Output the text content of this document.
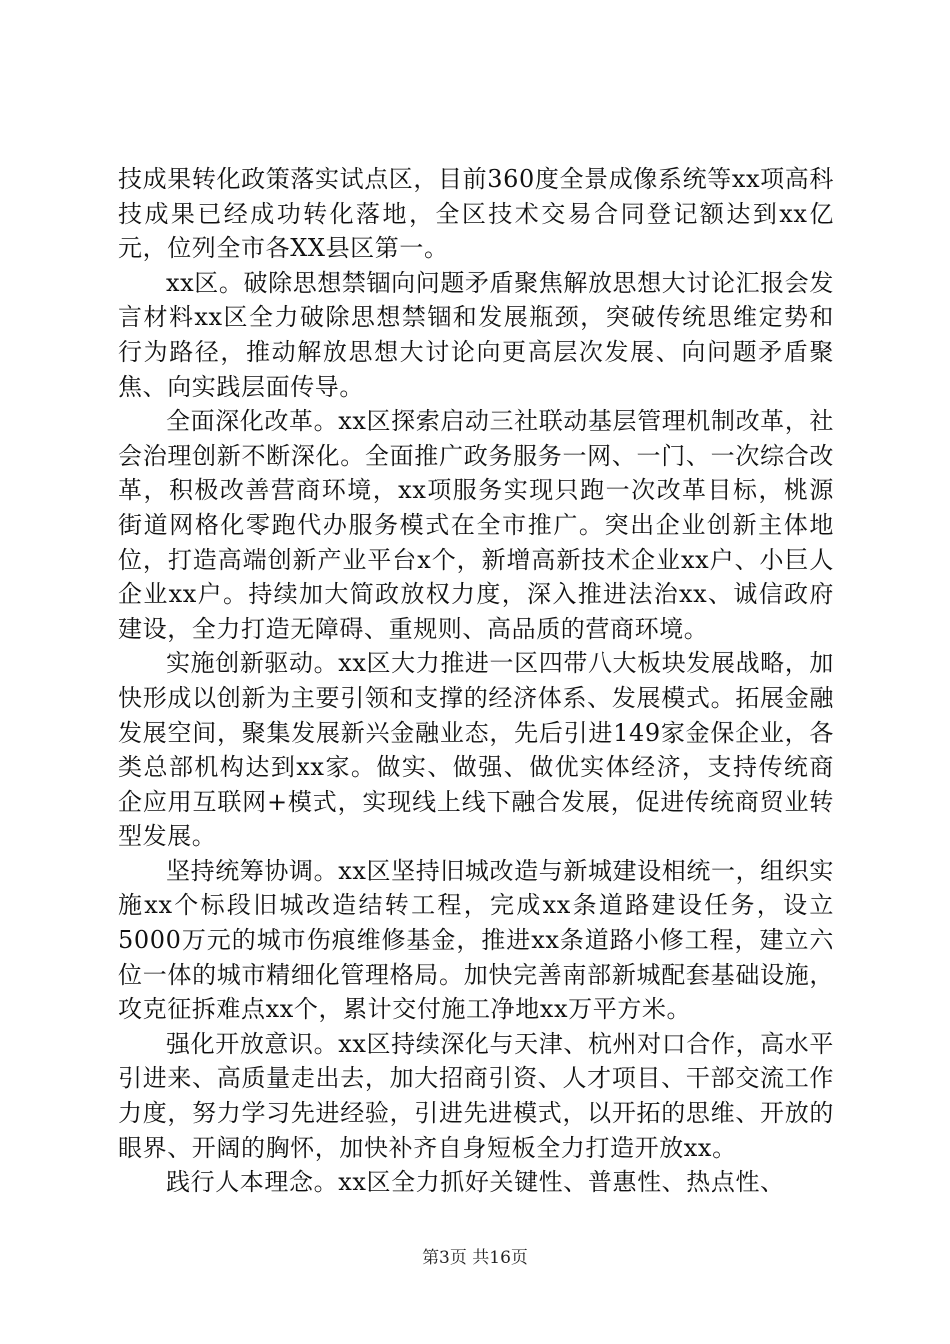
技成果转化政策落实试点区，目前360度全景成像系统等xx项高科技成果已经成功转化落地，全区技术交易合同登记额达到xx亿元，位列全市各XX县区第一。

xx区。破除思想禁锢向问题矛盾聚焦解放思想大讨论汇报会发言材料xx区全力破除思想禁锢和发展瓶颈，突破传统思维定势和行为路径，推动解放思想大讨论向更高层次发展、向问题矛盾聚焦、向实践层面传导。

全面深化改革。xx区探索启动三社联动基层管理机制改革，社会治理创新不断深化。全面推广政务服务一网、一门、一次综合改革，积极改善营商环境，xx项服务实现只跑一次改革目标，桃源街道网格化零跑代办服务模式在全市推广。突出企业创新主体地位，打造高端创新产业平台x个，新增高新技术企业xx户、小巨人企业xx户。持续加大简政放权力度，深入推进法治xx、诚信政府建设，全力打造无障碍、重规则、高品质的营商环境。

实施创新驱动。xx区大力推进一区四带八大板块发展战略，加快形成以创新为主要引领和支撑的经济体系、发展模式。拓展金融发展空间，聚集发展新兴金融业态，先后引进149家金保企业，各类总部机构达到xx家。做实、做强、做优实体经济，支持传统商企应用互联网+模式，实现线上线下融合发展，促进传统商贸业转型发展。

坚持统筹协调。xx区坚持旧城改造与新城建设相统一，组织实施xx个标段旧城改造结转工程，完成xx条道路建设任务，设立5000万元的城市伤痕维修基金，推进xx条道路小修工程，建立六位一体的城市精细化管理格局。加快完善南部新城配套基础设施，攻克征拆难点xx个，累计交付施工净地xx万平方米。

强化开放意识。xx区持续深化与天津、杭州对口合作，高水平引进来、高质量走出去，加大招商引资、人才项目、干部交流工作力度，努力学习先进经验，引进先进模式，以开拓的思维、开放的眼界、开阔的胸怀，加快补齐自身短板全力打造开放xx。

践行人本理念。xx区全力抓好关键性、普惠性、热点性、

第3页 共16页
